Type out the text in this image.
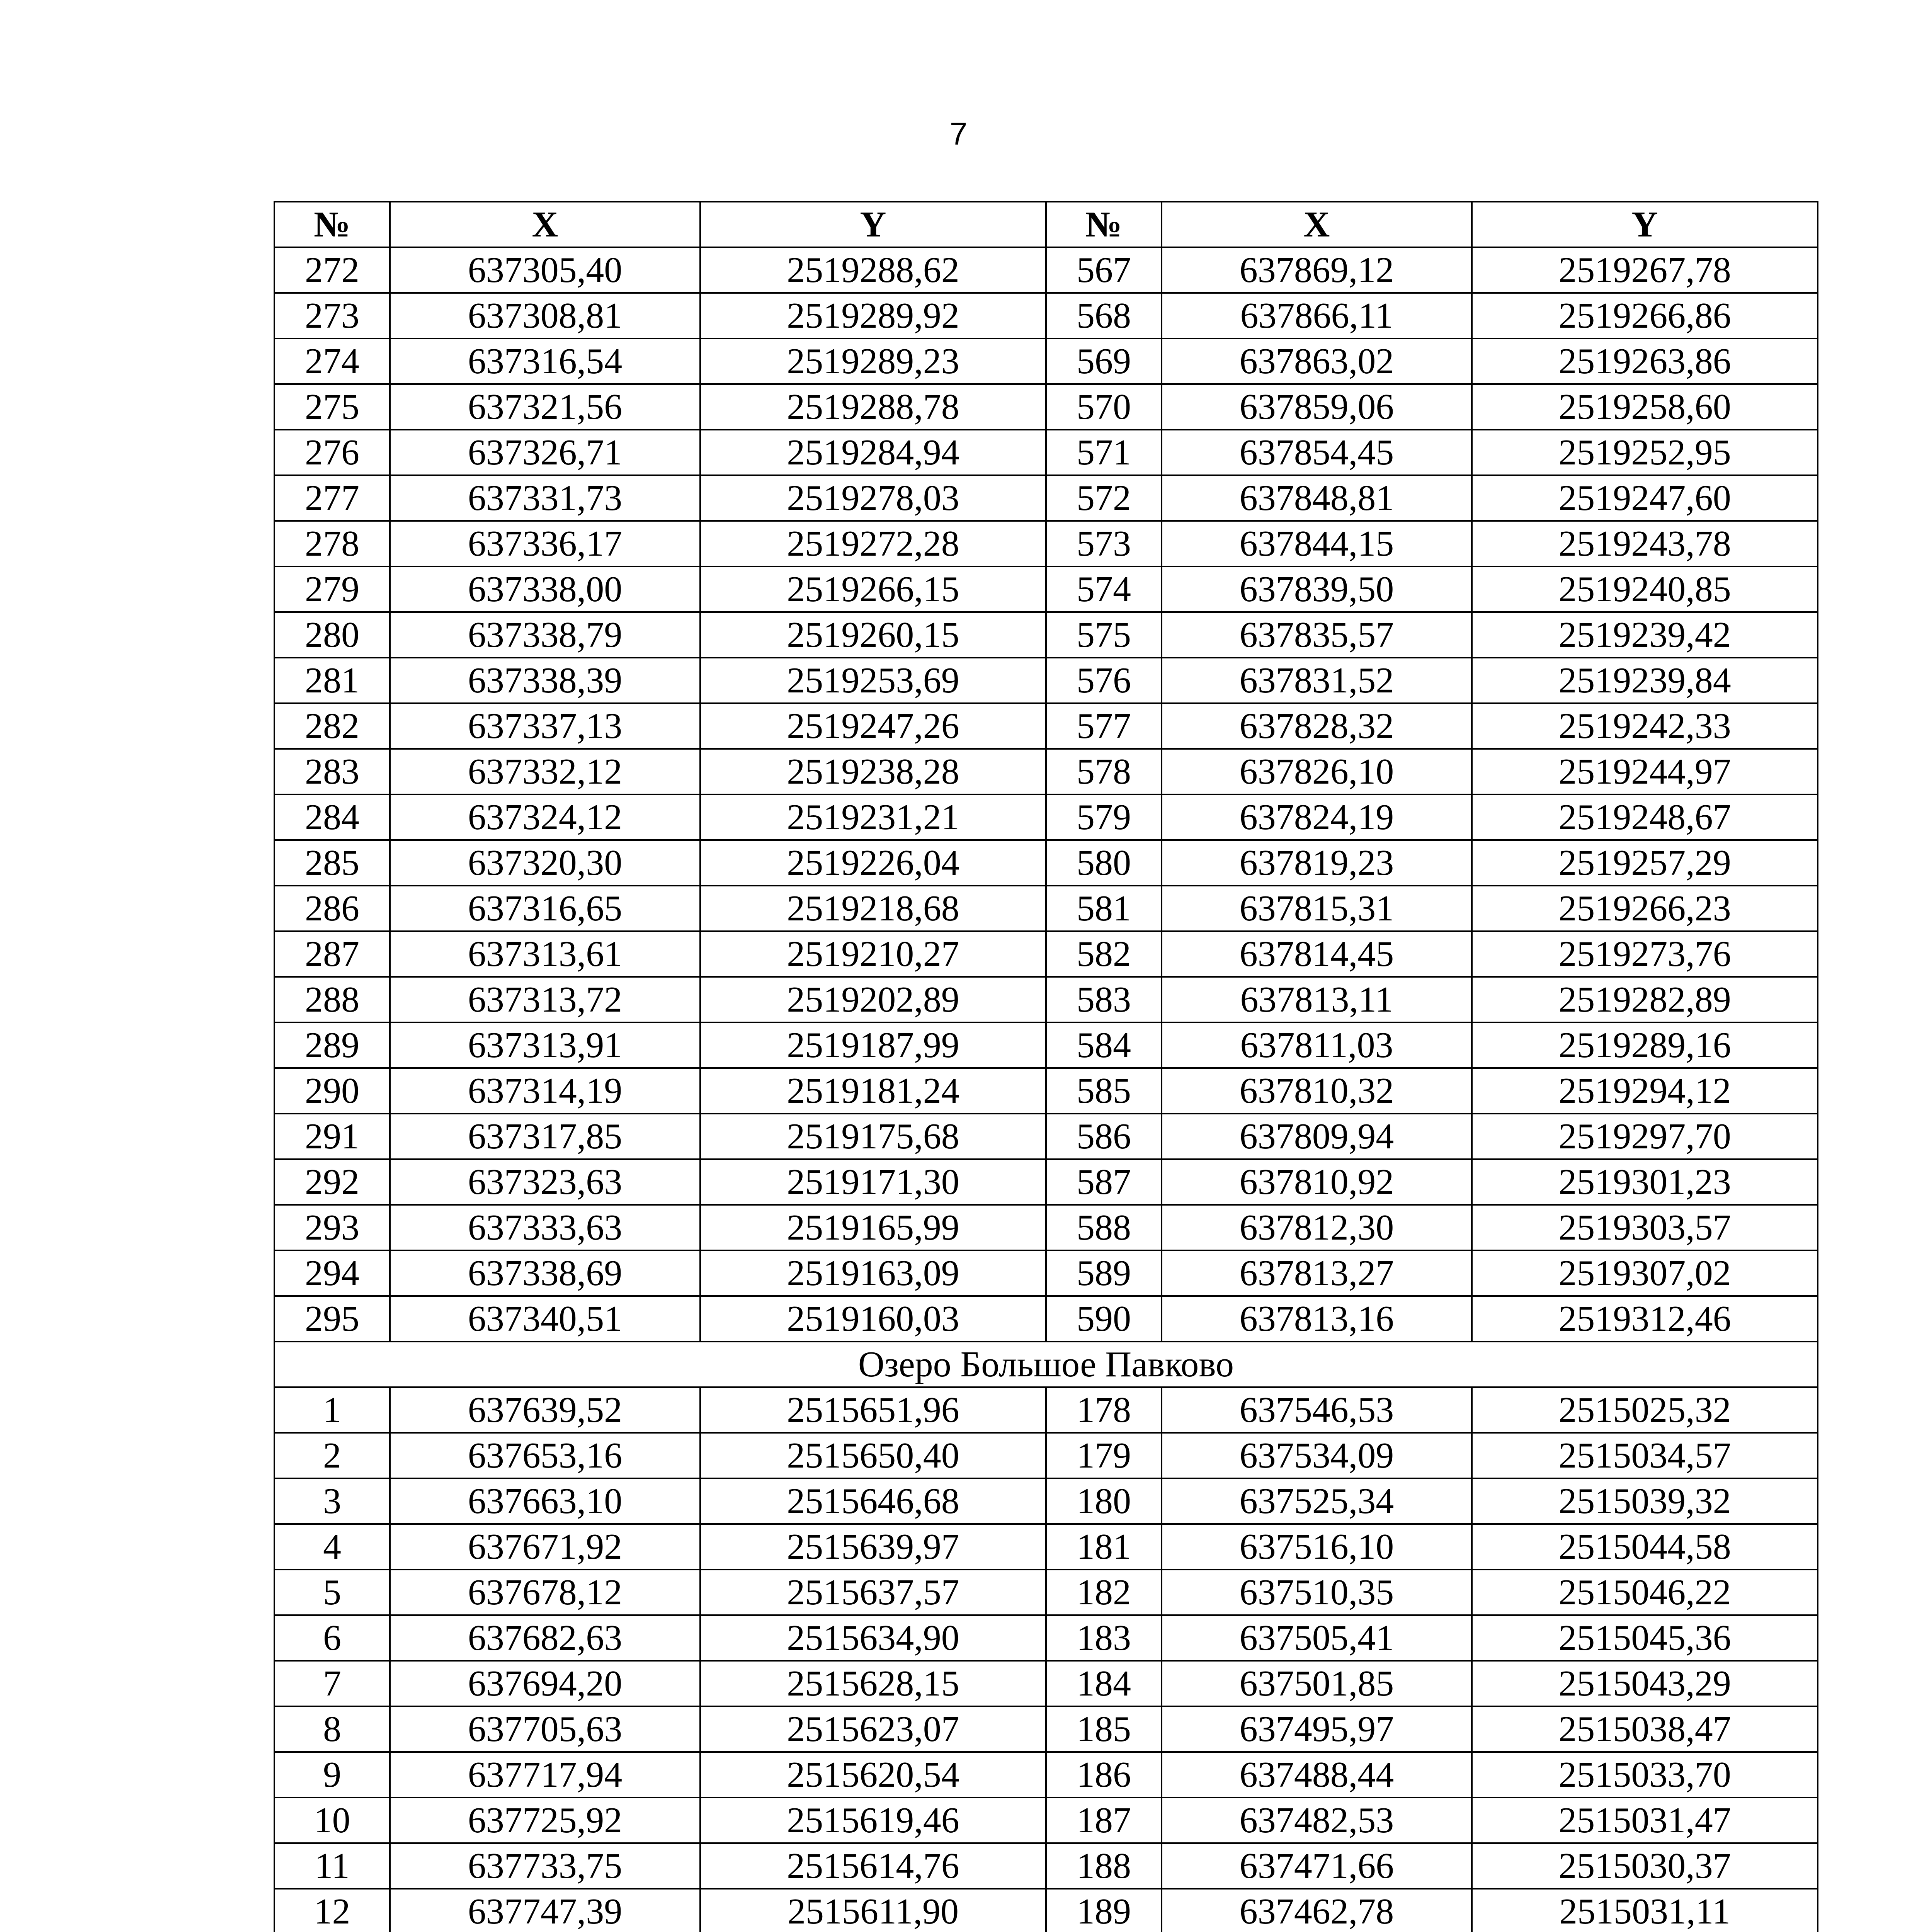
7
№	X	Y	№	X	Y
272	637305,40	2519288,62	567	637869,12	2519267,78
273	637308,81	2519289,92	568	637866,11	2519266,86
274	637316,54	2519289,23	569	637863,02	2519263,86
275	637321,56	2519288,78	570	637859,06	2519258,60
276	637326,71	2519284,94	571	637854,45	2519252,95
277	637331,73	2519278,03	572	637848,81	2519247,60
278	637336,17	2519272,28	573	637844,15	2519243,78
279	637338,00	2519266,15	574	637839,50	2519240,85
280	637338,79	2519260,15	575	637835,57	2519239,42
281	637338,39	2519253,69	576	637831,52	2519239,84
282	637337,13	2519247,26	577	637828,32	2519242,33
283	637332,12	2519238,28	578	637826,10	2519244,97
284	637324,12	2519231,21	579	637824,19	2519248,67
285	637320,30	2519226,04	580	637819,23	2519257,29
286	637316,65	2519218,68	581	637815,31	2519266,23
287	637313,61	2519210,27	582	637814,45	2519273,76
288	637313,72	2519202,89	583	637813,11	2519282,89
289	637313,91	2519187,99	584	637811,03	2519289,16
290	637314,19	2519181,24	585	637810,32	2519294,12
291	637317,85	2519175,68	586	637809,94	2519297,70
292	637323,63	2519171,30	587	637810,92	2519301,23
293	637333,63	2519165,99	588	637812,30	2519303,57
294	637338,69	2519163,09	589	637813,27	2519307,02
295	637340,51	2519160,03	590	637813,16	2519312,46
Озеро Большое Павково					
1	637639,52	2515651,96	178	637546,53	2515025,32
2	637653,16	2515650,40	179	637534,09	2515034,57
3	637663,10	2515646,68	180	637525,34	2515039,32
4	637671,92	2515639,97	181	637516,10	2515044,58
5	637678,12	2515637,57	182	637510,35	2515046,22
6	637682,63	2515634,90	183	637505,41	2515045,36
7	637694,20	2515628,15	184	637501,85	2515043,29
8	637705,63	2515623,07	185	637495,97	2515038,47
9	637717,94	2515620,54	186	637488,44	2515033,70
10	637725,92	2515619,46	187	637482,53	2515031,47
11	637733,75	2515614,76	188	637471,66	2515030,37
12	637747,39	2515611,90	189	637462,78	2515031,11
